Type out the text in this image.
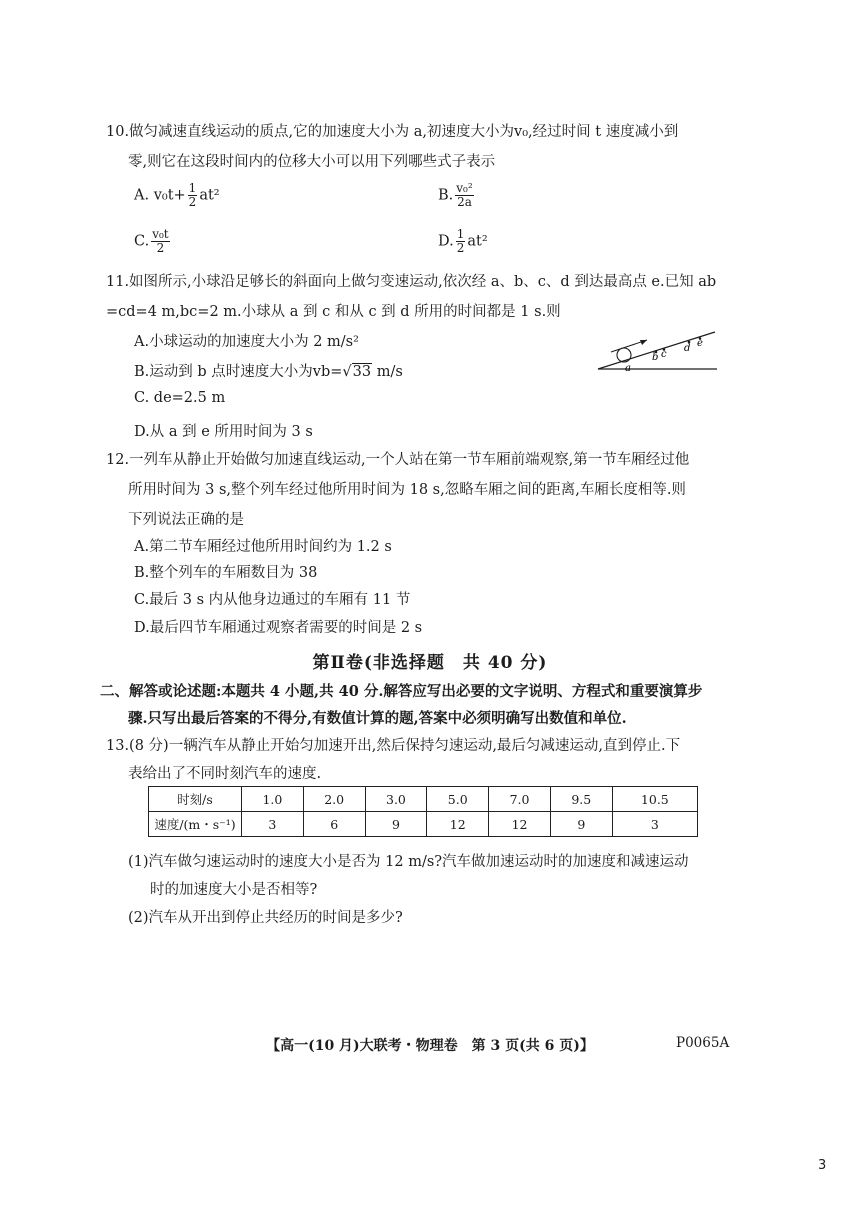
10.做匀减速直线运动的质点,它的加速度大小为 a,初速度大小为v₀,经过时间 t 速度减小到
零,则它在这段时间内的位移大小可以用下列哪些式子表示
A. $v_0t+ \frac{1}{2} at^2$	B. $\frac{\text{v₀²}}{2a}$
C. $\frac{\text{v₀t}}{2}$	D. $\frac{1}{2} at^2$
11.如图所示,小球沿足够长的斜面向上做匀变速运动,依次经 a、b、c、d 到达最高点 e.已知 ab
=cd=4 m,bc=2 m.小球从 a 到 c 和从 c 到 d 所用的时间都是 1 s.则
A.小球运动的加速度大小为 2 m/s²
B.运动到 b 点时速度大小为vb=√33 m/s
C. de=2.5 m
D.从 a 到 e 所用时间为 3 s
a
b c
d e
12.一列车从静止开始做匀加速直线运动,一个人站在第一节车厢前端观察,第一节车厢经过他
所用时间为 3 s,整个列车经过他所用时间为 18 s,忽略车厢之间的距离,车厢长度相等.则
下列说法正确的是
A.第二节车厢经过他所用时间约为 1.2 s
B.整个列车的车厢数目为 38
C.最后 3 s 内从他身边通过的车厢有 11 节
D.最后四节车厢通过观察者需要的时间是 2 s
第Ⅱ卷(非选择题　共 40 分)
二、解答或论述题:本题共 4 小题,共 40 分.解答应写出必要的文字说明、方程式和重要演算步
骤.只写出最后答案的不得分,有数值计算的题,答案中必须明确写出数值和单位.
13.(8 分)一辆汽车从静止开始匀加速开出,然后保持匀速运动,最后匀减速运动,直到停止.下
表给出了不同时刻汽车的速度.
时刻/s	1.0	2.0	3.0	5.0	7.0	9.5	10.5
速度/(m・s⁻¹)	3	6	9	12	12	9	3
(1)汽车做匀速运动时的速度大小是否为 12 m/s?汽车做加速运动时的加速度和减速运动
时的加速度大小是否相等?
(2)汽车从开出到停止共经历的时间是多少?
【高一(10 月)大联考・物理卷　第 3 页(共 6 页)】	P0065A
3
